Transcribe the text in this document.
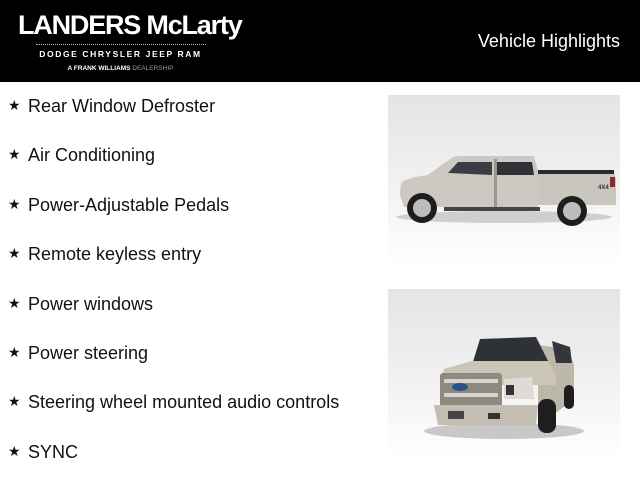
LANDERS McLarty
DODGE CHRYSLER JEEP RAM
A FRANK WILLIAMS DEALERSHIP
Vehicle Highlights
★ Rear Window Defroster
★ Air Conditioning
★ Power-Adjustable Pedals
★ Remote keyless entry
★ Power windows
★ Power steering
★ Steering wheel mounted audio controls
★ SYNC
4X4
